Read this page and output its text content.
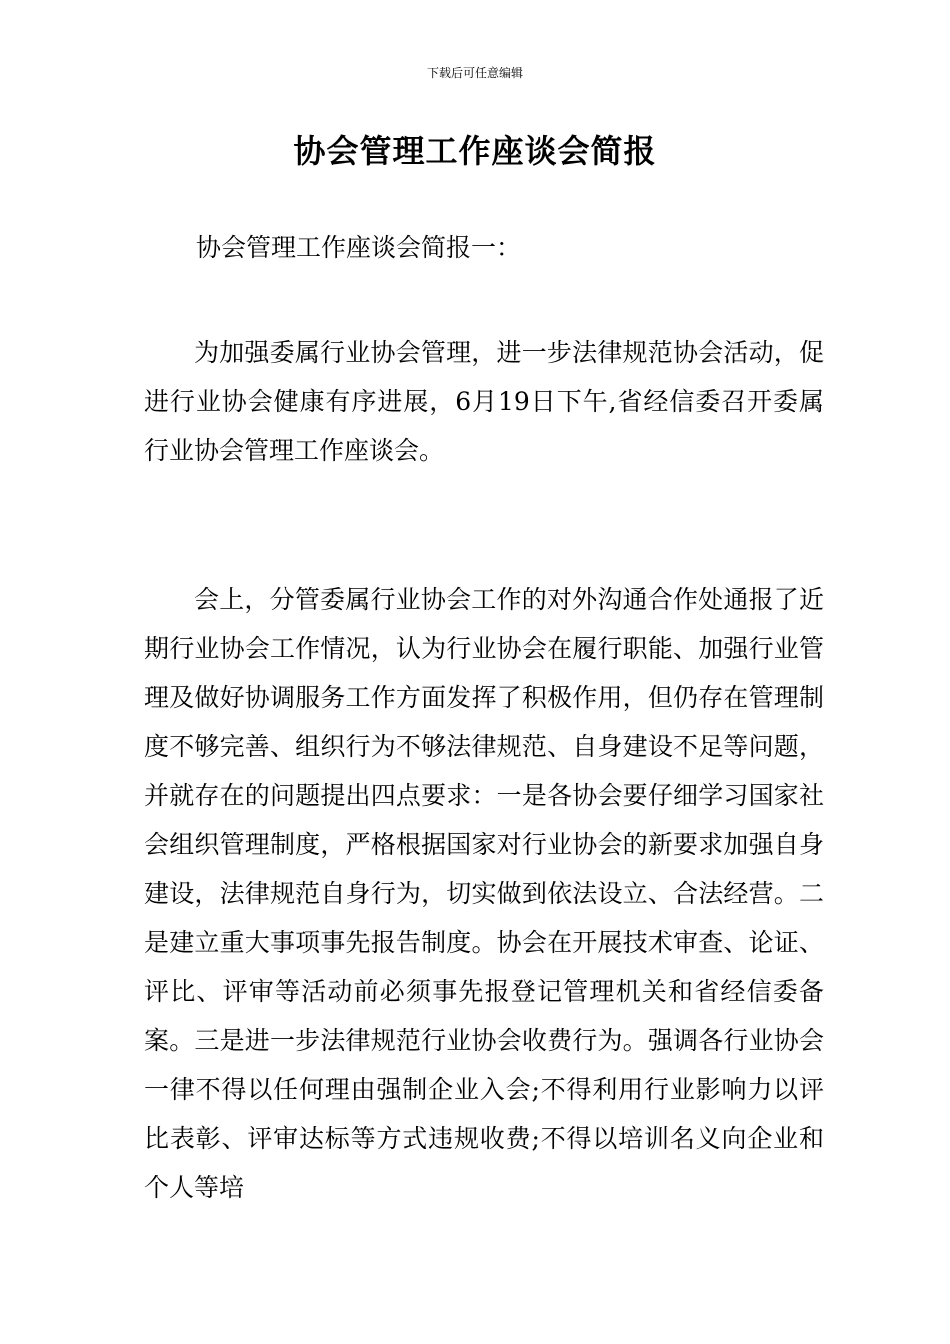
下载后可任意编辑
协会管理工作座谈会简报
协会管理工作座谈会简报一：

为加强委属行业协会管理，进一步法律规范协会活动，促进行业协会健康有序进展，6月19日下午,省经信委召开委属行业协会管理工作座谈会。

会上，分管委属行业协会工作的对外沟通合作处通报了近期行业协会工作情况，认为行业协会在履行职能、加强行业管理及做好协调服务工作方面发挥了积极作用，但仍存在管理制度不够完善、组织行为不够法律规范、自身建设不足等问题，并就存在的问题提出四点要求：一是各协会要仔细学习国家社会组织管理制度，严格根据国家对行业协会的新要求加强自身建设，法律规范自身行为，切实做到依法设立、合法经营。二是建立重大事项事先报告制度。协会在开展技术审查、论证、评比、评审等活动前必须事先报登记管理机关和省经信委备案。三是进一步法律规范行业协会收费行为。强调各行业协会一律不得以任何理由强制企业入会;不得利用行业影响力以评比表彰、评审达标等方式违规收费;不得以培训名义向企业和个人等培
